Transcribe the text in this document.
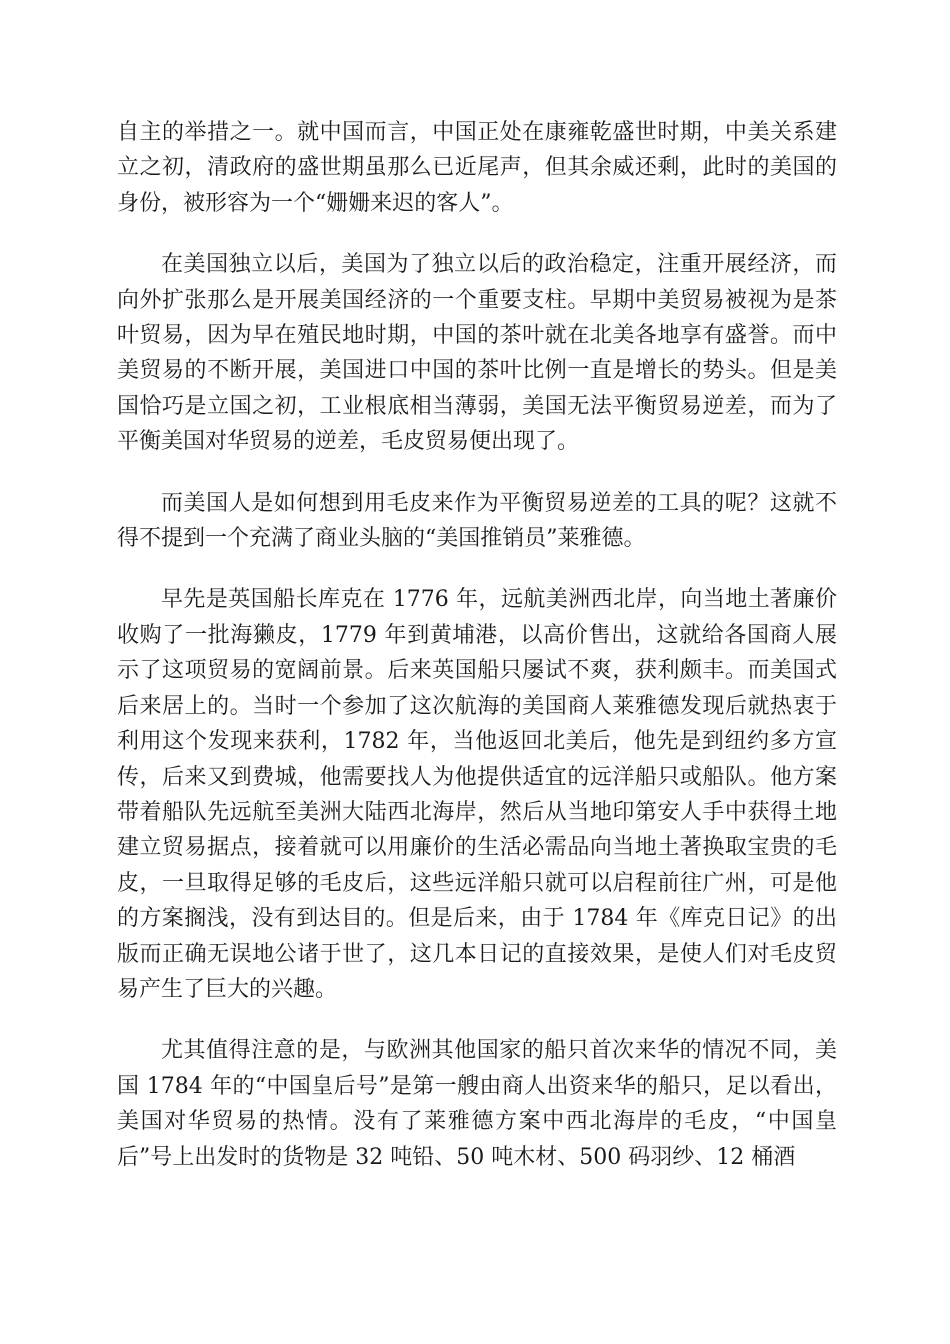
自主的举措之一。就中国而言，中国正处在康雍乾盛世时期，中美关系建立之初，清政府的盛世期虽那么已近尾声，但其余威还剩，此时的美国的身份，被形容为一个“姗姗来迟的客人”。

在美国独立以后，美国为了独立以后的政治稳定，注重开展经济，而向外扩张那么是开展美国经济的一个重要支柱。早期中美贸易被视为是茶叶贸易，因为早在殖民地时期，中国的茶叶就在北美各地享有盛誉。而中美贸易的不断开展，美国进口中国的茶叶比例一直是增长的势头。但是美国恰巧是立国之初，工业根底相当薄弱，美国无法平衡贸易逆差，而为了平衡美国对华贸易的逆差，毛皮贸易便出现了。

而美国人是如何想到用毛皮来作为平衡贸易逆差的工具的呢？这就不得不提到一个充满了商业头脑的“美国推销员”莱雅德。

早先是英国船长库克在 1776 年，远航美洲西北岸，向当地土著廉价收购了一批海獭皮，1779 年到黄埔港，以高价售出，这就给各国商人展示了这项贸易的宽阔前景。后来英国船只屡试不爽，获利颇丰。而美国式后来居上的。当时一个参加了这次航海的美国商人莱雅德发现后就热衷于利用这个发现来获利，1782 年，当他返回北美后，他先是到纽约多方宣传，后来又到费城，他需要找人为他提供适宜的远洋船只或船队。他方案带着船队先远航至美洲大陆西北海岸，然后从当地印第安人手中获得土地建立贸易据点，接着就可以用廉价的生活必需品向当地土著换取宝贵的毛皮，一旦取得足够的毛皮后，这些远洋船只就可以启程前往广州，可是他的方案搁浅，没有到达目的。但是后来，由于 1784 年《库克日记》的出版而正确无误地公诸于世了，这几本日记的直接效果，是使人们对毛皮贸易产生了巨大的兴趣。

尤其值得注意的是，与欧洲其他国家的船只首次来华的情况不同，美国 1784 年的“中国皇后号”是第一艘由商人出资来华的船只，足以看出，美国对华贸易的热情。没有了莱雅德方案中西北海岸的毛皮，“中国皇后”号上出发时的货物是 32 吨铅、50 吨木材、500 码羽纱、12 桶酒
